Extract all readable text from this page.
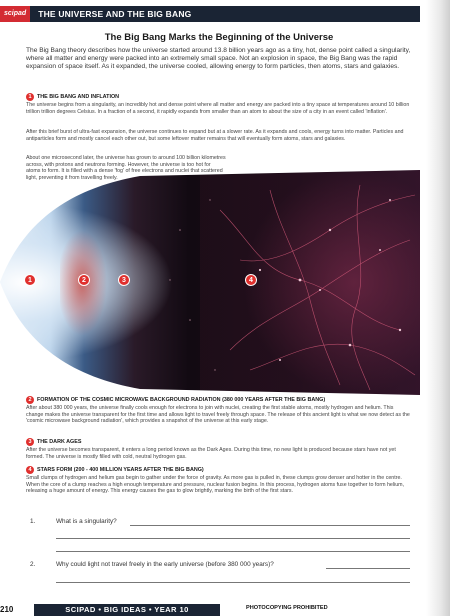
scipad	THE UNIVERSE AND THE BIG BANG
The Big Bang Marks the Beginning of the Universe
The Big Bang theory describes how the universe started around 13.8 billion years ago as a tiny, hot, dense point called a singularity, where all matter and energy were packed into an extremely small space. Not an explosion in space, the Big Bang was the rapid expansion of space itself. As it expanded, the universe cooled, allowing energy to form particles, then atoms, stars and galaxies.
1	THE BIG BANG AND INFLATION
The universe begins from a singularity, an incredibly hot and dense point where all matter and energy are packed into a tiny space at temperatures around 10 billion trillion trillion degrees Celsius. In a fraction of a second, it rapidly expands from smaller than an atom to about the size of a city in an event called 'inflation'.
After this brief burst of ultra-fast expansion, the universe continues to expand but at a slower rate. As it expands and cools, energy turns into matter. Particles and antiparticles form and mostly cancel each other out, but some leftover matter remains that will eventually form atoms, stars and galaxies.
About one microsecond later, the universe has grown to around 100 billion kilometres across, with protons and neutrons forming. However, the universe is too hot for atoms to form. It is filled with a dense 'fog' of free electrons and nuclei that scattered light, preventing it from travelling freely.
1	2	3	4
2	FORMATION OF THE COSMIC MICROWAVE BACKGROUND RADIATION (380 000 YEARS AFTER THE BIG BANG)
After about 380 000 years, the universe finally cools enough for electrons to join with nuclei, creating the first stable atoms, mostly hydrogen and helium. This change makes the universe transparent for the first time and allows light to travel freely through space. The release of this ancient light is what we now detect as the 'cosmic microwave background radiation', which provides a snapshot of the universe at this early stage.
3	THE DARK AGES
After the universe becomes transparent, it enters a long period known as the Dark Ages. During this time, no new light is produced because stars have not yet formed. The universe is mostly filled with cold, neutral hydrogen gas.
4	STARS FORM (200 - 400 MILLION YEARS AFTER THE BIG BANG)
Small clumps of hydrogen and helium gas begin to gather under the force of gravity. As more gas is pulled in, these clumps grow denser and hotter in the centre. When the core of a clump reaches a high enough temperature and pressure, nuclear fusion begins. In this process, hydrogen atoms fuse together to form helium, releasing a huge amount of energy. This energy causes the gas to glow brightly, marking the birth of the first stars.
1.	What is a singularity?
2.	Why could light not travel freely in the early universe (before 380 000 years)?
210	SCIPAD • BIG IDEAS • YEAR 10	PHOTOCOPYING PROHIBITED
